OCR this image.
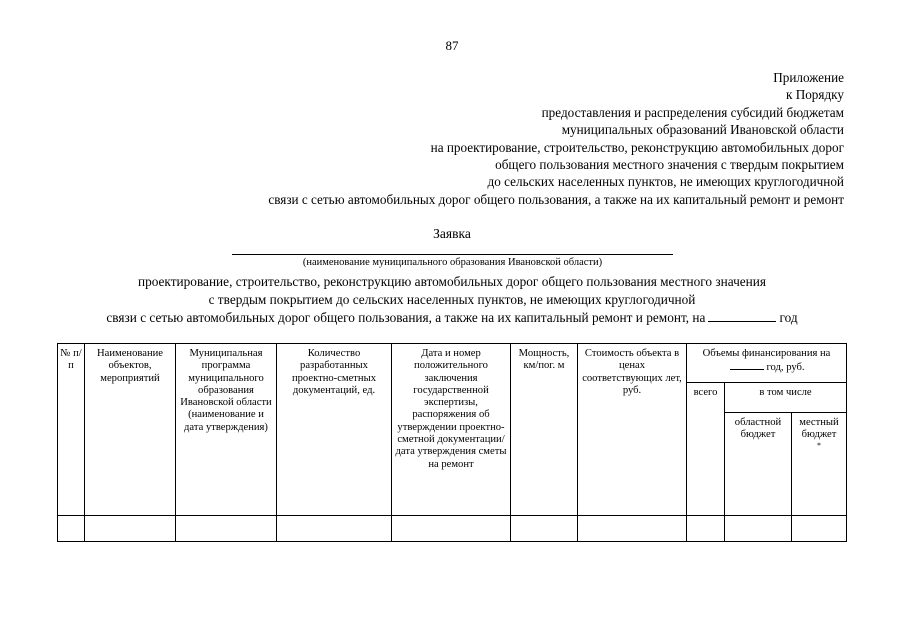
87
Приложение
к Порядку
предоставления и распределения субсидий бюджетам
муниципальных образований Ивановской области
на проектирование, строительство, реконструкцию автомобильных дорог
общего пользования местного значения с твердым покрытием
до сельских населенных пунктов, не имеющих круглогодичной
связи с сетью автомобильных дорог общего пользования, а также на их капитальный ремонт и ремонт
Заявка
(наименование муниципального образования Ивановской области)
проектирование, строительство, реконструкцию автомобильных дорог общего пользования местного значения
с твердым покрытием до сельских населенных пунктов, не имеющих круглогодичной
связи с сетью автомобильных дорог общего пользования, а также на их капитальный ремонт и ремонт, на	год
№ п/п	Наименование объектов, мероприятий	Муниципальная программа муниципального образования Ивановской области (наименование и дата утверждения)	Количество разработанных проектно-сметных документаций, ед.	Дата и номер положительного заключения государственной экспертизы, распоряжения об утверждении проектно-сметной документации/ дата утверждения сметы на ремонт	Мощность, км/пог. м	Стоимость объекта в ценах соответствующих лет, руб.	Объемы финансирования на
год, руб.		
							всего	в том числе	
								областной бюджет	местный бюджет
*
